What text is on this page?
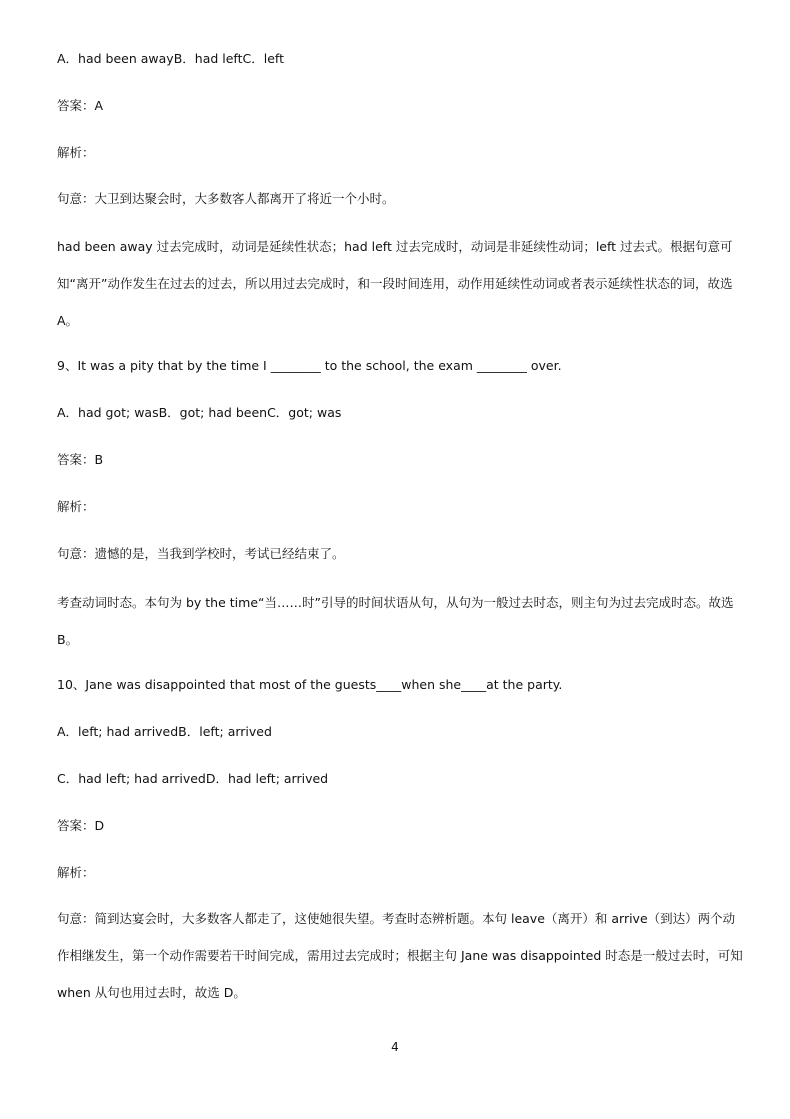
A．had been awayB．had leftC．left

答案：A

解析：

句意：大卫到达聚会时，大多数客人都离开了将近一个小时。

had been away 过去完成时，动词是延续性状态；had left 过去完成时，动词是非延续性动词；left 过去式。根据句意可知“离开”动作发生在过去的过去，所以用过去完成时，和一段时间连用，动作用延续性动词或者表示延续性状态的词，故选 A。

9、It was a pity that by the time I ________ to the school, the exam ________ over.

A．had got; wasB．got; had beenC．got; was

答案：B

解析：

句意：遗憾的是，当我到学校时，考试已经结束了。

考查动词时态。本句为 by the time“当……时”引导的时间状语从句，从句为一般过去时态，则主句为过去完成时态。故选 B。

10、Jane was disappointed that most of the guests____when she____at the party.

A．left; had arrivedB．left; arrived

C．had left; had arrivedD．had left; arrived

答案：D

解析：

句意：简到达宴会时，大多数客人都走了，这使她很失望。考查时态辨析题。本句 leave（离开）和 arrive（到达）两个动作相继发生，第一个动作需要若干时间完成，需用过去完成时；根据主句 Jane was disappointed 时态是一般过去时，可知 when 从句也用过去时，故选 D。

4
